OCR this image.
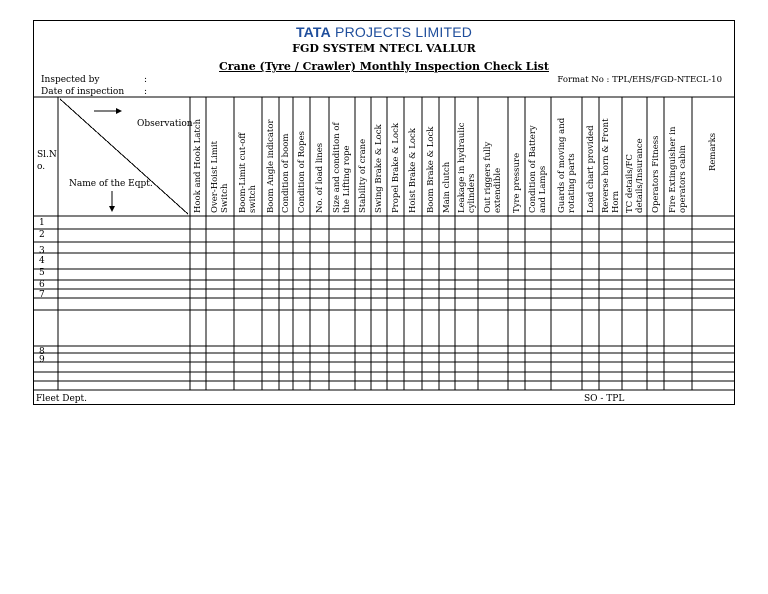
TATA PROJECTS LIMITED
FGD SYSTEM NTECL VALLUR
Crane (Tyre / Crawler) Monthly Inspection Check List
Inspected by	:
Date of inspection :
Format No : TPL/EHS/FGD-NTECL-10
Hook and Hook Latch Over-Hoist Limit Switch Boom-Limit cut-off switch Boom Angle indicator Condition of boom Condition of Ropes No. of load lines Size and condition of the Lifting rope Stability of crane Swing Brake & Lock Propel Brake & Lock Hoist Brake & Lock Boom Brake & Lock Main clutch Leakage in hydraulic cylinders Out riggers fully extendible Tyre pressure Condition of Battery and Lamps Guards of moving and rotating parts Load chart provided Reverse horn & Front Horn TC details/FC details/Insurance Operators Fitness Fire Extinguisher in operators cabin Remarks
1
2
3
4
5
6
7
8
9
Sl.N o.
Observation
Name of the Eqpt.
Fleet Dept.	SO - TPL
